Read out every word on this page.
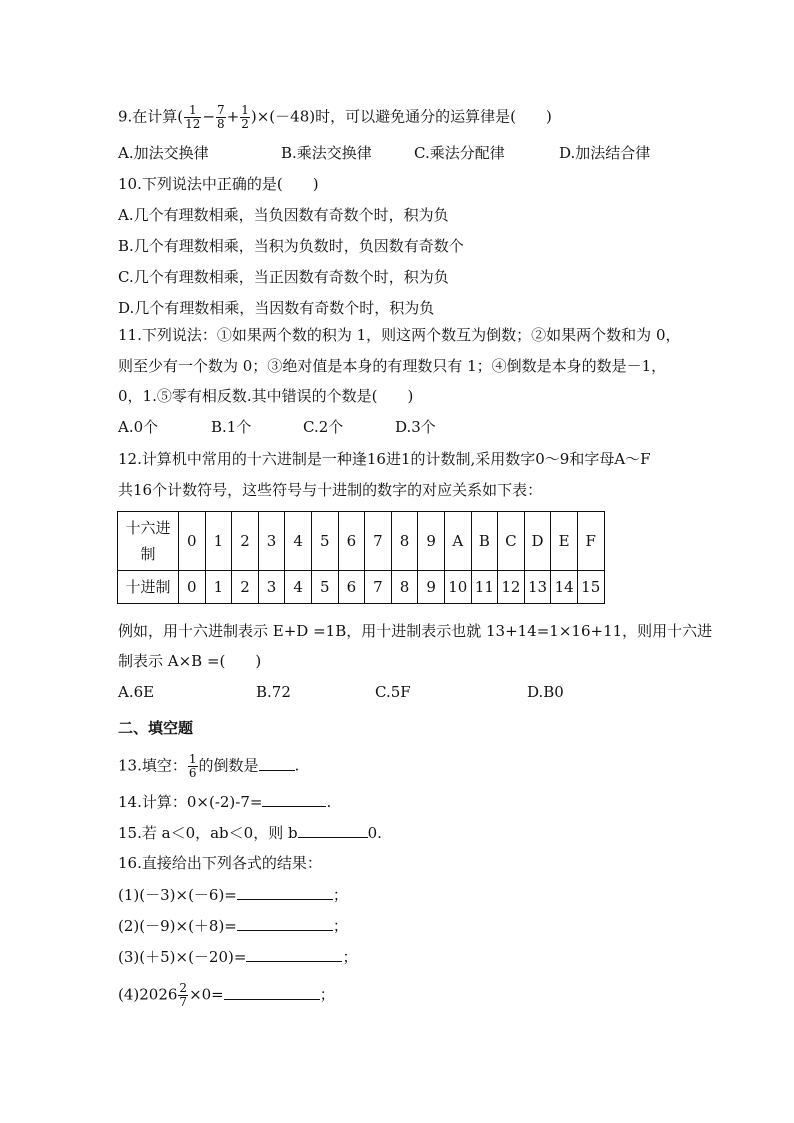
9.在计算( $\frac{1}{12} - \frac{7}{8} + \frac{1}{2} )\times(-48)$时，可以避免通分的运算律是(　　)
A.加法交换律	B.乘法交换律	C.乘法分配律	D.加法结合律
10.下列说法中正确的是(　　)
A.几个有理数相乘，当负因数有奇数个时，积为负
B.几个有理数相乘，当积为负数时，负因数有奇数个
C.几个有理数相乘，当正因数有奇数个时，积为负
D.几个有理数相乘，当因数有奇数个时，积为负
11.下列说法：①如果两个数的积为 1，则这两个数互为倒数；②如果两个数和为 0，
则至少有一个数为 0；③绝对值是本身的有理数只有 1；④倒数是本身的数是－1，
0，1.⑤零有相反数.其中错误的个数是(　　)
A.0个	B.1个	C.2个	D.3个
12.计算机中常用的十六进制是一种逢16进1的计数制,采用数字0～9和字母A～F
共16个计数符号，这些符号与十进制的数字的对应关系如下表：
十六进
制	0	1	2	3	4	5	6	7	8	9	A	B	C	D	E	F
十进制	0	1	2	3	4	5	6	7	8	9	10	11	12	13	14	15
例如，用十六进制表示 E+D =1B，用十进制表示也就 13+14=1×16+11，则用十六进
制表示 A×B =(　　)
A.6E	B.72	C.5F	D.B0
二、填空题
13.填空： $\frac{1}{6}$ 的倒数是 .
14.计算：0×(-2)-7=	.
15.若 a＜0，ab＜0，则 b	0.
16.直接给出下列各式的结果：
(1)(－3)×(－6)=	；
(2)(－9)×(＋8)=	；
(3)(＋5)×(－20)=	；
$(4)2026 \frac{2}{7} \times 0=$	；
